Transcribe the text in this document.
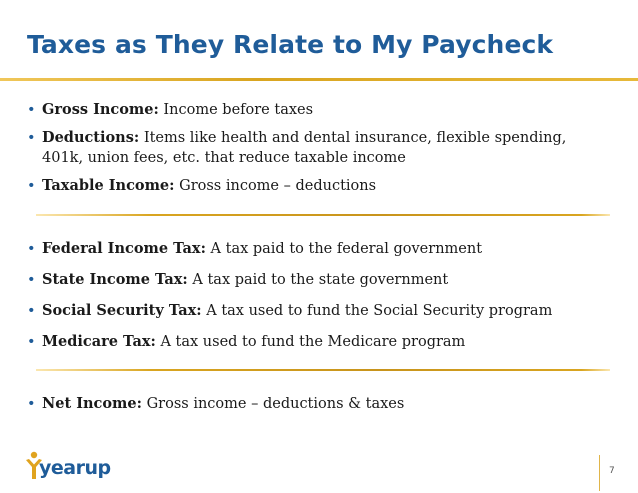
Taxes as They Relate to My Paycheck
• Gross Income: Income before taxes
• Deductions: Items like health and dental insurance, flexible spending,
401k, union fees, etc. that reduce taxable income
• Taxable Income: Gross income – deductions
• Federal Income Tax: A tax paid to the federal government
• State Income Tax: A tax paid to the state government
• Social Security Tax: A tax used to fund the Social Security program
• Medicare Tax: A tax used to fund the Medicare program
• Net Income: Gross income – deductions & taxes
yearup	7
